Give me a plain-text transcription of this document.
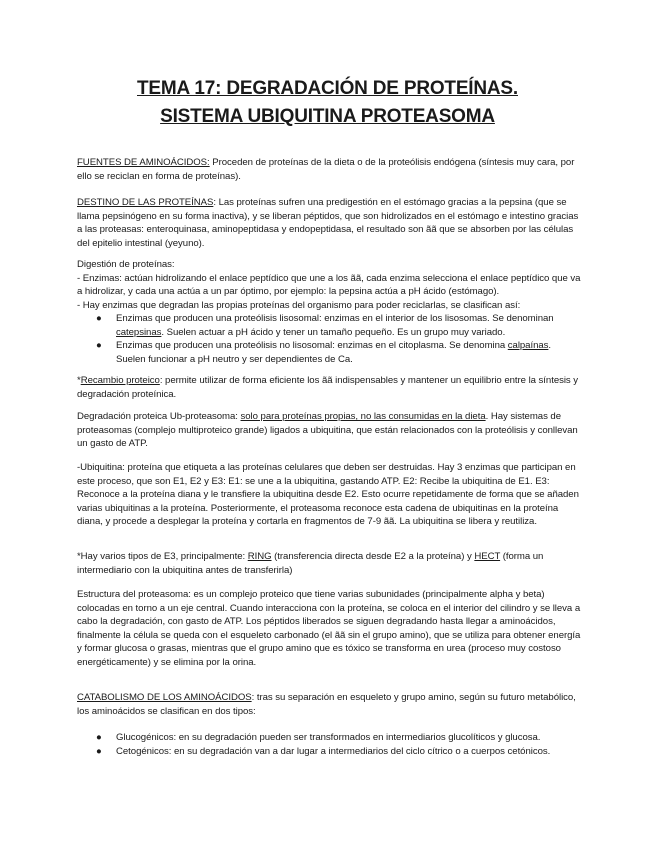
TEMA 17: DEGRADACIÓN DE PROTEÍNAS.
SISTEMA UBIQUITINA PROTEASOMA

FUENTES DE AMINOÁCIDOS: Proceden de proteínas de la dieta o de la proteólisis endógena (síntesis muy cara, por ello se reciclan en forma de proteínas).

DESTINO DE LAS PROTEÍNAS: Las proteínas sufren una predigestión en el estómago gracias a la pepsina (que se llama pepsinógeno en su forma inactiva), y se liberan péptidos, que son hidrolizados en el estómago e intestino gracias a las proteasas: enteroquinasa, aminopeptidasa y endopeptidasa, el resultado son ãã que se absorben por las células del epitelio intestinal (yeyuno).

Digestión de proteínas:
- Enzimas: actúan hidrolizando el enlace peptídico que une a los ãã, cada enzima selecciona el enlace peptídico que va a hidrolizar, y cada una actúa a un par óptimo, por ejemplo: la pepsina actúa a pH ácido (estómago).
- Hay enzimas que degradan las propias proteínas del organismo para poder reciclarlas, se clasifican así:
● Enzimas que producen una proteólisis lisosomal: enzimas en el interior de los lisosomas. Se denominan catepsinas. Suelen actuar a pH ácido y tener un tamaño pequeño. Es un grupo muy variado.
● Enzimas que producen una proteólisis no lisosomal: enzimas en el citoplasma. Se denomina calpaínas. Suelen funcionar a pH neutro y ser dependientes de Ca.

*Recambio proteico: permite utilizar de forma eficiente los ãã indispensables y mantener un equilibrio entre la síntesis y degradación proteínica.

Degradación proteica Ub-proteasoma: solo para proteínas propias, no las consumidas en la dieta. Hay sistemas de proteasomas (complejo multiproteico grande) ligados a ubiquitina, que están relacionados con la proteólisis y conllevan un gasto de ATP.

-Ubiquitina: proteína que etiqueta a las proteínas celulares que deben ser destruidas. Hay 3 enzimas que participan en este proceso, que son E1, E2 y E3: E1: se une a la ubiquitina, gastando ATP. E2: Recibe la ubiquitina de E1. E3: Reconoce a la proteína diana y le transfiere la ubiquitina desde E2. Esto ocurre repetidamente de forma que se añaden varias ubiquitinas a la proteína. Posteriormente, el proteasoma reconoce esta cadena de ubiquitinas en la proteína diana, y procede a desplegar la proteína y cortarla en fragmentos de 7-9 ãã. La ubiquitina se libera y reutiliza.

*Hay varios tipos de E3, principalmente: RING (transferencia directa desde E2 a la proteína) y HECT (forma un intermediario con la ubiquitina antes de transferirla)

Estructura del proteasoma: es un complejo proteico que tiene varias subunidades (principalmente alpha y beta) colocadas en torno a un eje central. Cuando interacciona con la proteína, se coloca en el interior del cilindro y se lleva a cabo la degradación, con gasto de ATP. Los péptidos liberados se siguen degradando hasta llegar a aminoácidos, finalmente la célula se queda con el esqueleto carbonado (el ãã sin el grupo amino), que se utiliza para obtener energía y formar glucosa o grasas, mientras que el grupo amino que es tóxico se transforma en urea (proceso muy costoso energéticamente) y se elimina por la orina.

CATABOLISMO DE LOS AMINOÁCIDOS: tras su separación en esqueleto y grupo amino, según su futuro metabólico, los aminoácidos se clasifican en dos tipos:

● Glucogénicos: en su degradación pueden ser transformados en intermediarios glucolíticos y glucosa.
● Cetogénicos: en su degradación van a dar lugar a intermediarios del ciclo cítrico o a cuerpos cetónicos.
